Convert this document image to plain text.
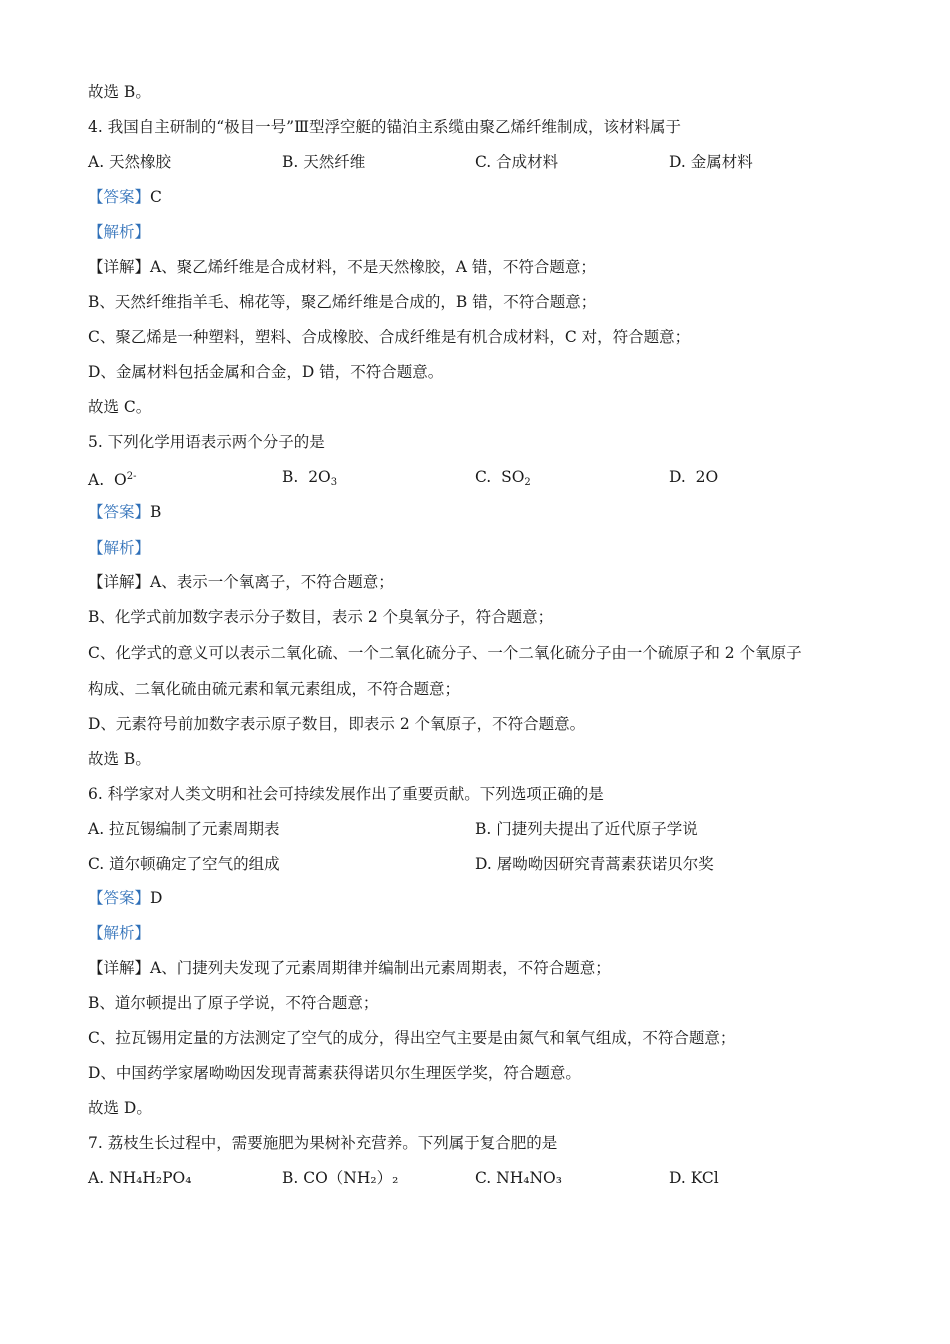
故选 B。
4. 我国自主研制的“极目一号”Ⅲ型浮空艇的锚泊主系缆由聚乙烯纤维制成，该材料属于
A. 天然橡胶	B. 天然纤维	C. 合成材料	D. 金属材料
【答案】C
【解析】
【详解】A、聚乙烯纤维是合成材料，不是天然橡胶，A 错，不符合题意；
B、天然纤维指羊毛、棉花等，聚乙烯纤维是合成的，B 错，不符合题意；
C、聚乙烯是一种塑料，塑料、合成橡胶、合成纤维是有机合成材料，C 对，符合题意；
D、金属材料包括金属和合金，D 错，不符合题意。
故选 C。
5. 下列化学用语表示两个分子的是
A. $O^{2-}$	B. $2O_3$	C. $SO_2$	D. 2O
【答案】B
【解析】
【详解】A、表示一个氧离子，不符合题意；
B、化学式前加数字表示分子数目，表示 2 个臭氧分子，符合题意；
C、化学式的意义可以表示二氧化硫、一个二氧化硫分子、一个二氧化硫分子由一个硫原子和 2 个氧原子
构成、二氧化硫由硫元素和氧元素组成，不符合题意；
D、元素符号前加数字表示原子数目，即表示 2 个氧原子，不符合题意。
故选 B。
6. 科学家对人类文明和社会可持续发展作出了重要贡献。下列选项正确的是
A. 拉瓦锡编制了元素周期表	B. 门捷列夫提出了近代原子学说
C. 道尔顿确定了空气的组成	D. 屠呦呦因研究青蒿素获诺贝尔奖
【答案】D
【解析】
【详解】A、门捷列夫发现了元素周期律并编制出元素周期表，不符合题意；
B、道尔顿提出了原子学说，不符合题意；
C、拉瓦锡用定量的方法测定了空气的成分，得出空气主要是由氮气和氧气组成，不符合题意；
D、中国药学家屠呦呦因发现青蒿素获得诺贝尔生理医学奖，符合题意。
故选 D。
7. 荔枝生长过程中，需要施肥为果树补充营养。下列属于复合肥的是
A. NH₄H₂PO₄	B. CO（NH₂）₂	C. NH₄NO₃	D. KCl
